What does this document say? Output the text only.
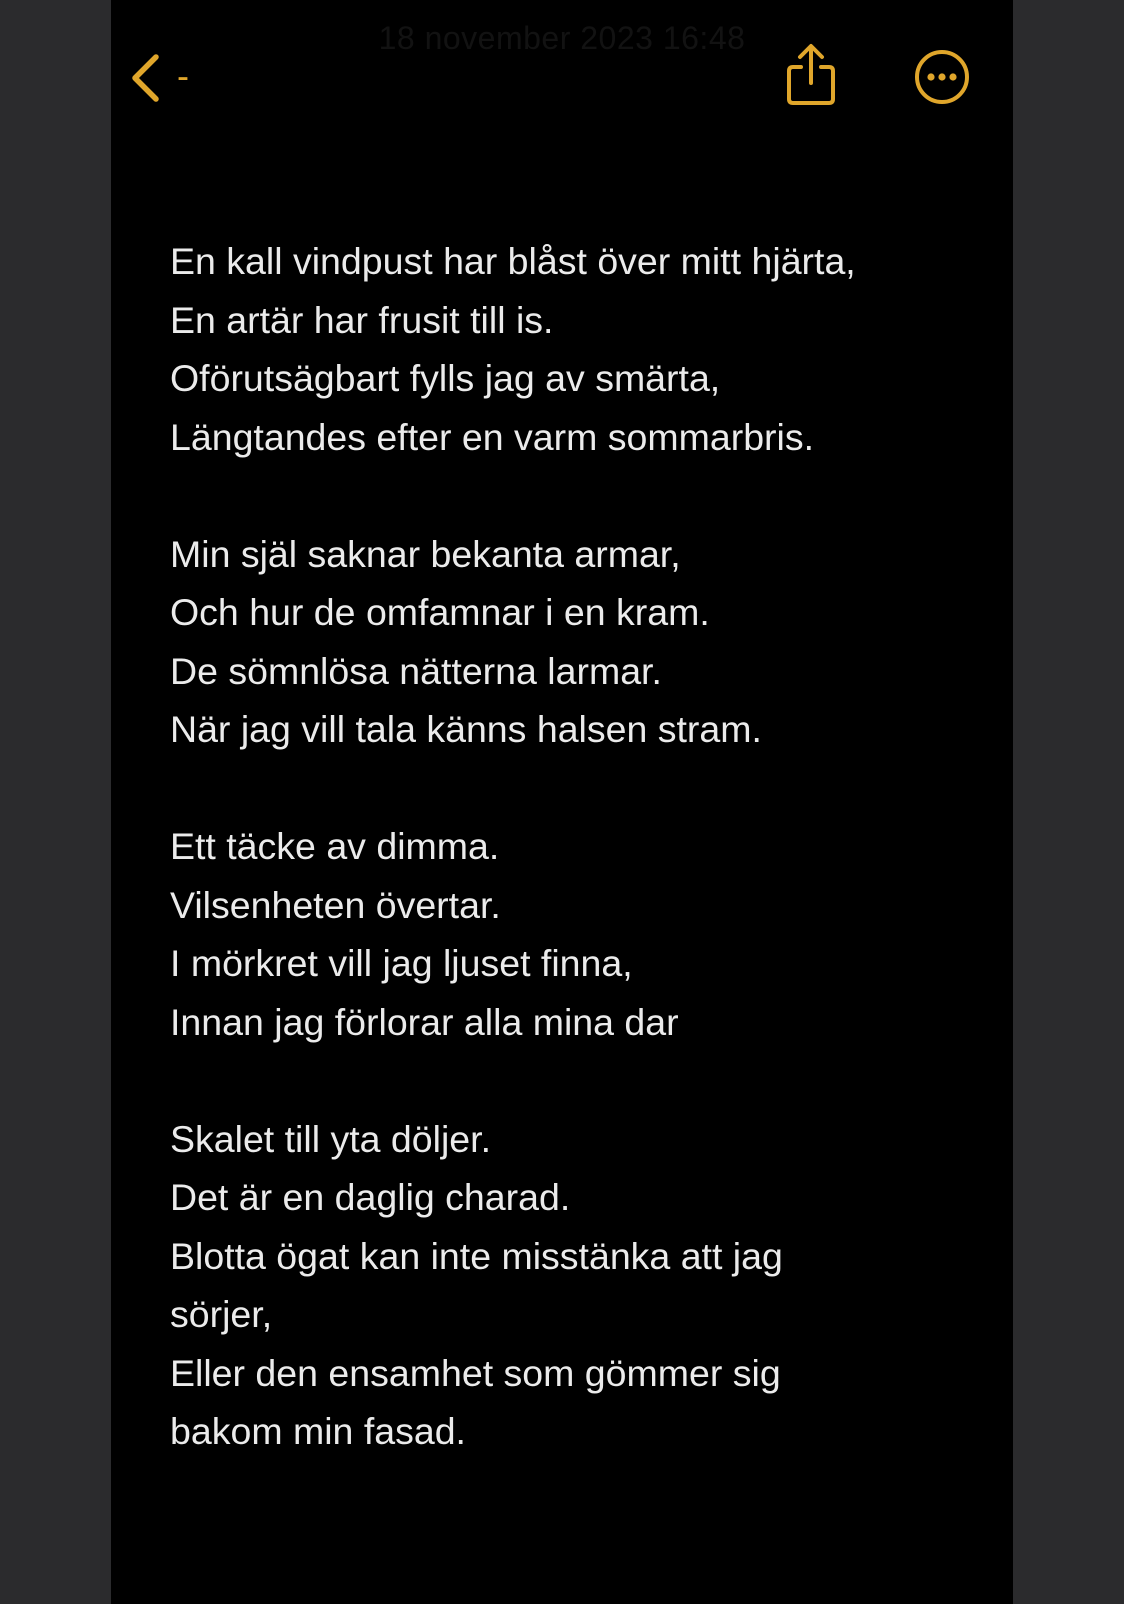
18 november 2023 16:48
-
En kall vindpust har blåst över mitt hjärta,
En artär har frusit till is.
Oförutsägbart fylls jag av smärta,
Längtandes efter en varm sommarbris.
Min själ saknar bekanta armar,
Och hur de omfamnar i en kram.
De sömnlösa nätterna larmar.
När jag vill tala känns halsen stram.
Ett täcke av dimma.
Vilsenheten övertar.
I mörkret vill jag ljuset finna,
Innan jag förlorar alla mina dar
Skalet till yta döljer.
Det är en daglig charad.
Blotta ögat kan inte misstänka att jag
sörjer,
Eller den ensamhet som gömmer sig
bakom min fasad.
